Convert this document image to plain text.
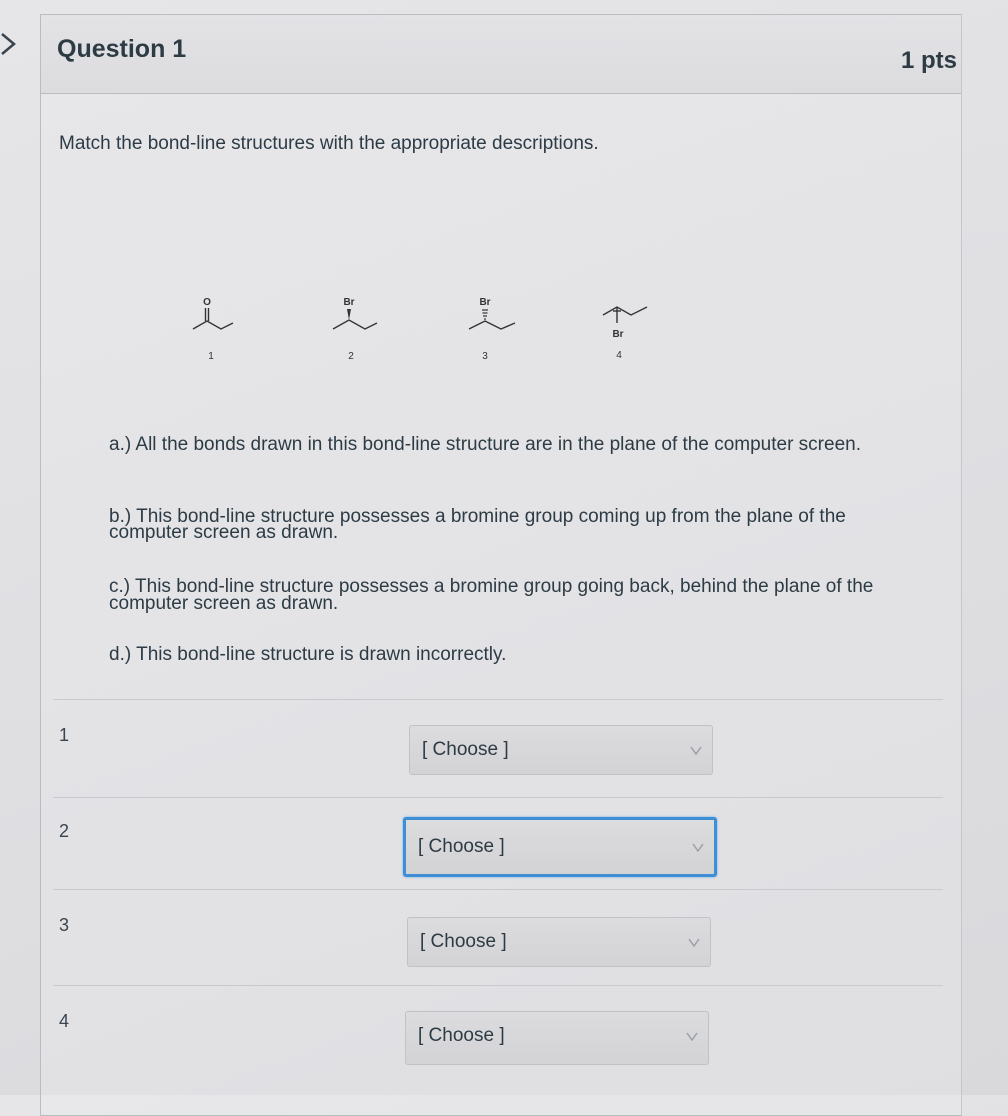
Question 1	1 pts
Match the bond-line structures with the appropriate descriptions.
O
1
Br
2
Br
3
Br
4
a.) All the bonds drawn in this bond-line structure are in the plane of the computer screen.
b.) This bond-line structure possesses a bromine group coming up from the plane of the
computer screen as drawn.
c.) This bond-line structure possesses a bromine group going back, behind the plane of the
computer screen as drawn.
d.) This bond-line structure is drawn incorrectly.
1
[ Choose ]
2
[ Choose ]
3
[ Choose ]
4
[ Choose ]
